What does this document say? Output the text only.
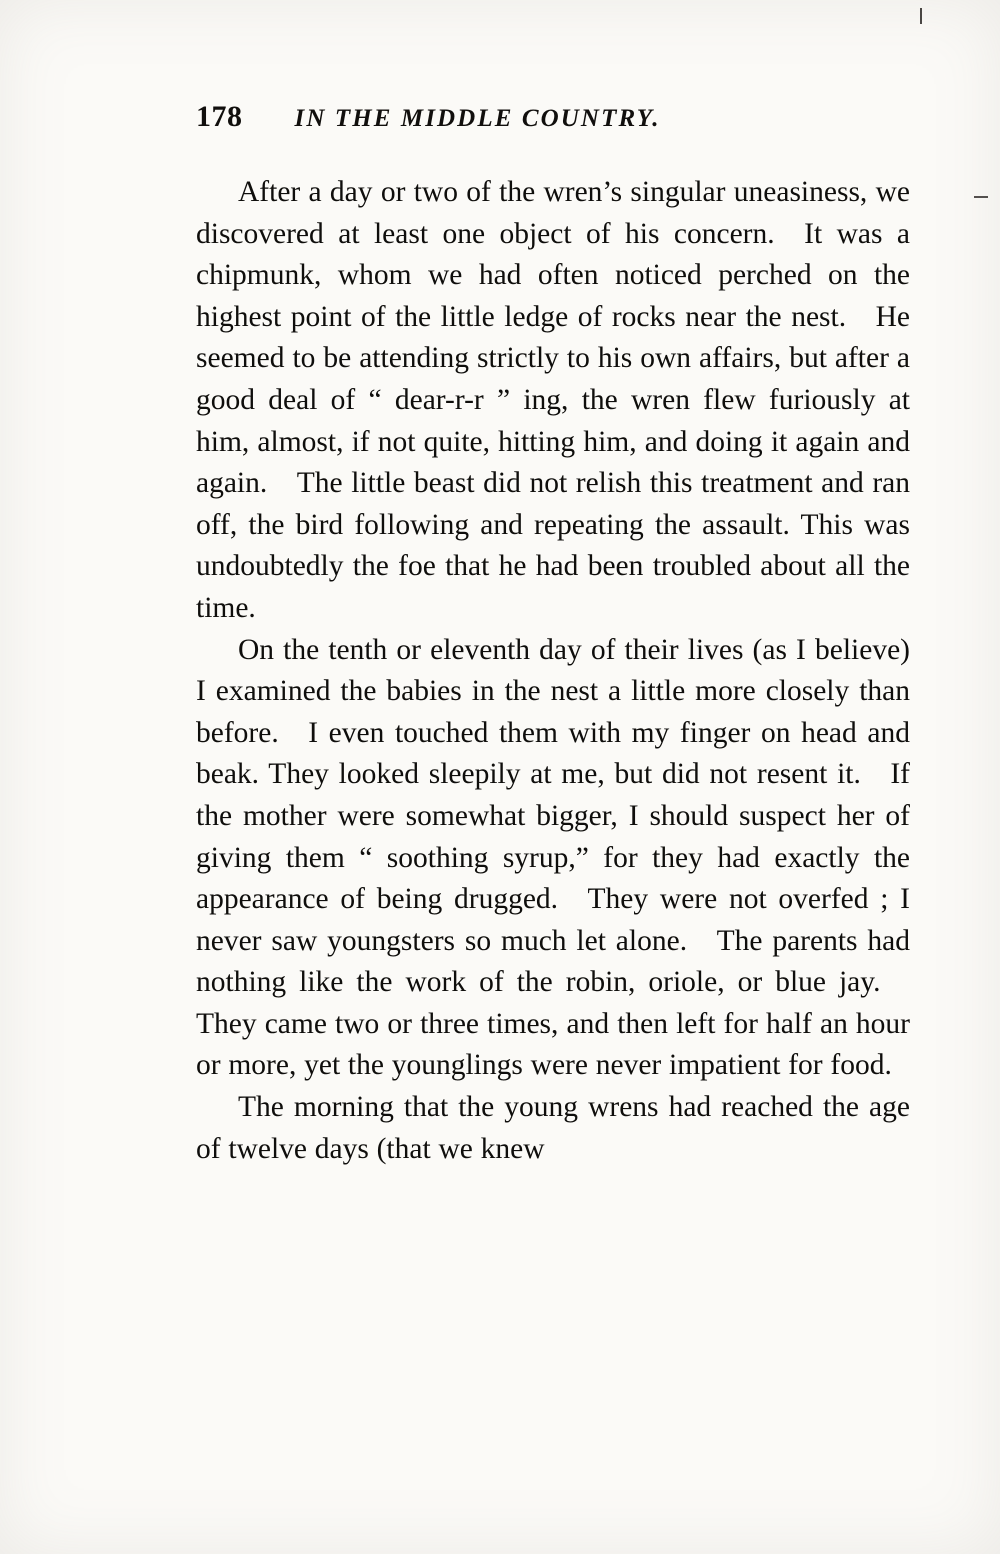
178 IN THE MIDDLE COUNTRY.

After a day or two of the wren’s singular uneasiness, we discovered at least one object of his concern. It was a chipmunk, whom we had often noticed perched on the highest point of the little ledge of rocks near the nest. He seemed to be attending strictly to his own affairs, but after a good deal of “ dear-r-r ” ing, the wren flew furiously at him, almost, if not quite, hitting him, and doing it again and again. The little beast did not relish this treatment and ran off, the bird following and repeating the assault. This was undoubtedly the foe that he had been troubled about all the time.

On the tenth or eleventh day of their lives (as I believe) I examined the babies in the nest a little more closely than before. I even touched them with my finger on head and beak. They looked sleepily at me, but did not resent it. If the mother were somewhat bigger, I should suspect her of giving them “ soothing syrup,” for they had exactly the appearance of being drugged. They were not overfed ; I never saw youngsters so much let alone. The parents had nothing like the work of the robin, oriole, or blue jay. They came two or three times, and then left for half an hour or more, yet the younglings were never impatient for food.

The morning that the young wrens had reached the age of twelve days (that we knew
